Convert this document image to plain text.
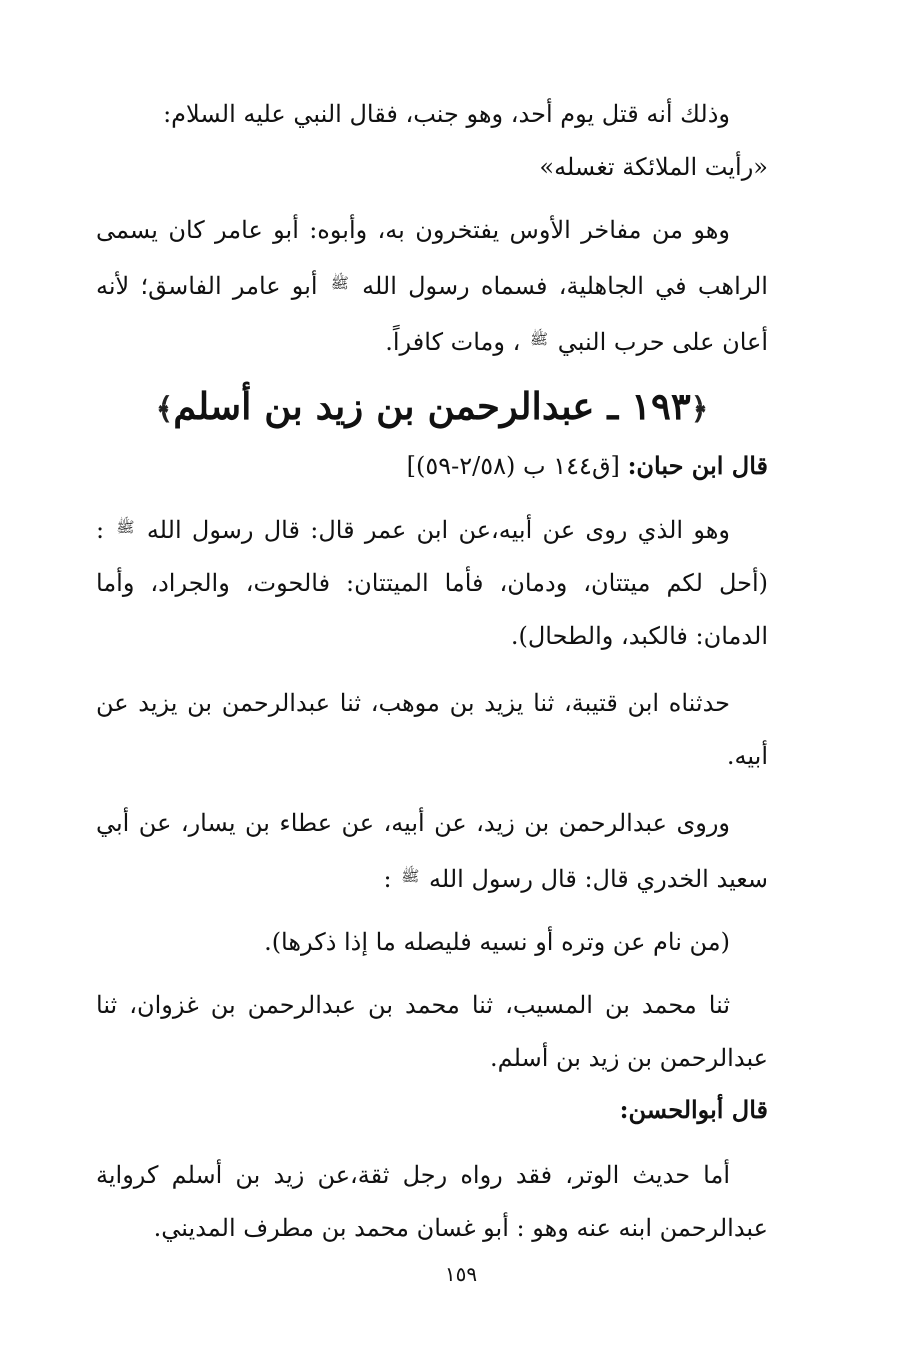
وذلك أنه قتل يوم أحد، وهو جنب، فقال النبي عليه السلام:
«رأيت الملائكة تغسله»

وهو من مفاخر الأوس يفتخرون به، وأبوه: أبو عامر كان يسمى الراهب في الجاهلية، فسماه رسول الله $^ﷺ$ أبو عامر الفاسق؛ لأنه أعان على حرب النبي $^ﷺ$ ، ومات كافراً.

﴿١٩٣ ـ عبدالرحمن بن زيد بن أسلم﴾

قال ابن حبان: [ق١٤٤ ب (٢/٥٨-٥٩)]

وهو الذي روى عن أبيه،عن ابن عمر قال: قال رسول الله $^ﷺ$ : (أحل لكم ميتتان، ودمان، فأما الميتتان: فالحوت، والجراد، وأما الدمان: فالكبد، والطحال).

حدثناه ابن قتيبة، ثنا يزيد بن موهب، ثنا عبدالرحمن بن يزيد عن أبيه.

وروى عبدالرحمن بن زيد، عن أبيه، عن عطاء بن يسار، عن أبي سعيد الخدري قال: قال رسول الله $^ﷺ$ :

(من نام عن وتره أو نسيه فليصله ما إذا ذكرها).

ثنا محمد بن المسيب، ثنا محمد بن عبدالرحمن بن غزوان، ثنا عبدالرحمن بن زيد بن أسلم.

قال أبوالحسن:

أما حديث الوتر، فقد رواه رجل ثقة،عن زيد بن أسلم كرواية عبدالرحمن ابنه عنه وهو : أبو غسان محمد بن مطرف المديني.

١٥٩
